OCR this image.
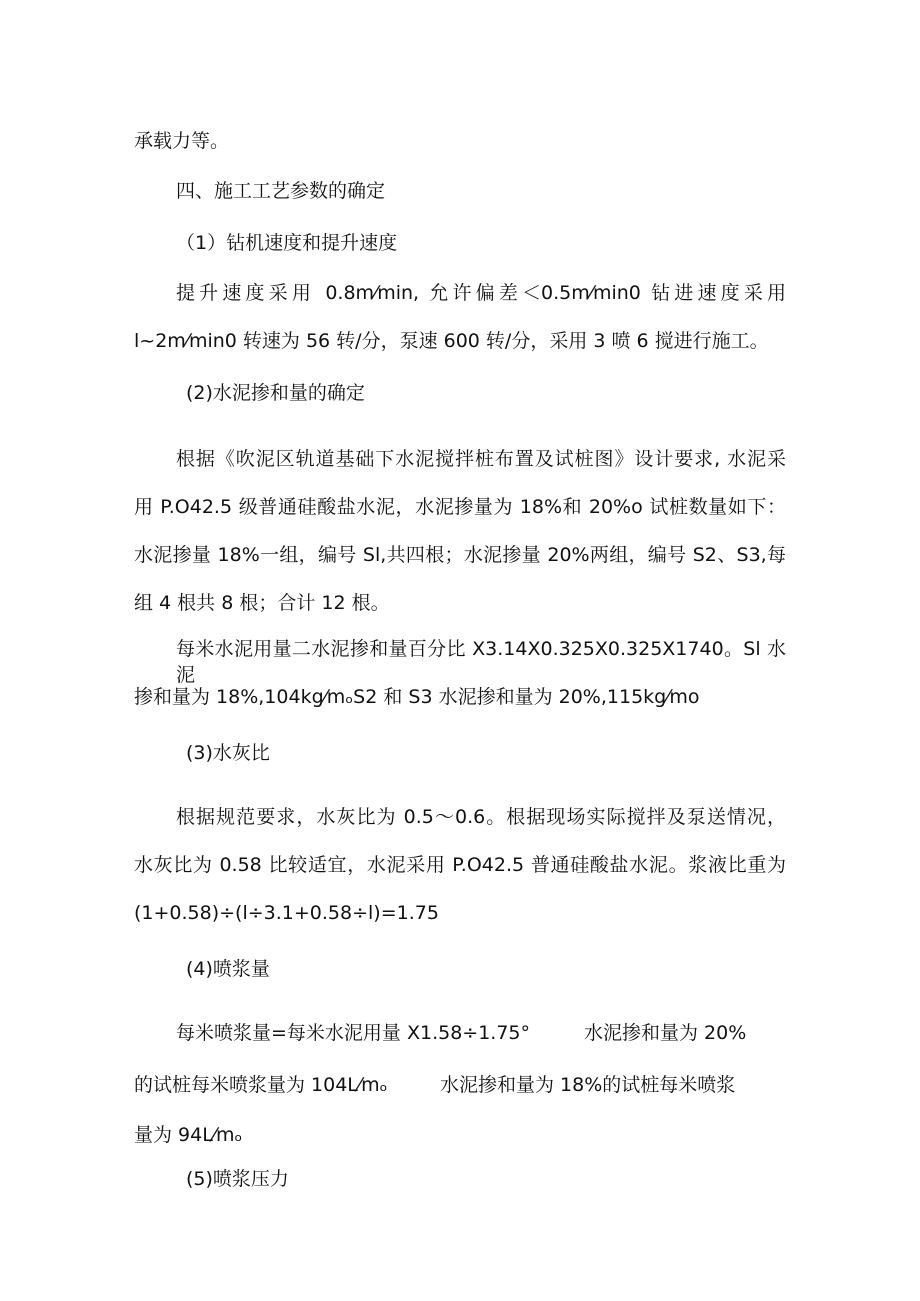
承载力等。
四、施工工艺参数的确定
（1）钻机速度和提升速度
提升速度采用 0.8m⁄min, 允许偏差＜0.5m⁄min0 钻进速度采用
l~2m⁄min0 转速为 56 转/分，泵速 600 转/分，采用 3 喷 6 搅进行施工。
(2)水泥掺和量的确定
根据《吹泥区轨道基础下水泥搅拌桩布置及试桩图》设计要求, 水泥采
用 P.O42.5 级普通硅酸盐水泥，水泥掺量为 18%和 20%o 试桩数量如下：
水泥掺量 18%一组，编号 Sl,共四根；水泥掺量 20%两组，编号 S2、S3,每
组 4 根共 8 根；合计 12 根。
每米水泥用量二水泥掺和量百分比 X3.14X0.325X0.325X1740。Sl 水泥
掺和量为 18%,104kg⁄mₒS2 和 S3 水泥掺和量为 20%,115kg⁄mo
(3)水灰比
根据规范要求，水灰比为 0.5～0.6。根据现场实际搅拌及泵送情况，
水灰比为 0.58 比较适宜，水泥采用 P.O42.5 普通硅酸盐水泥。浆液比重为
(1+0.58)÷(l÷3.1+0.58÷l)=1.75
(4)喷浆量
每米喷浆量=每米水泥用量 X1.58÷1.75°	水泥掺和量为 20%
的试桩每米喷浆量为 104L⁄mₒ	水泥掺和量为 18%的试桩每米喷浆
量为 94L⁄mₒ
(5)喷浆压力
